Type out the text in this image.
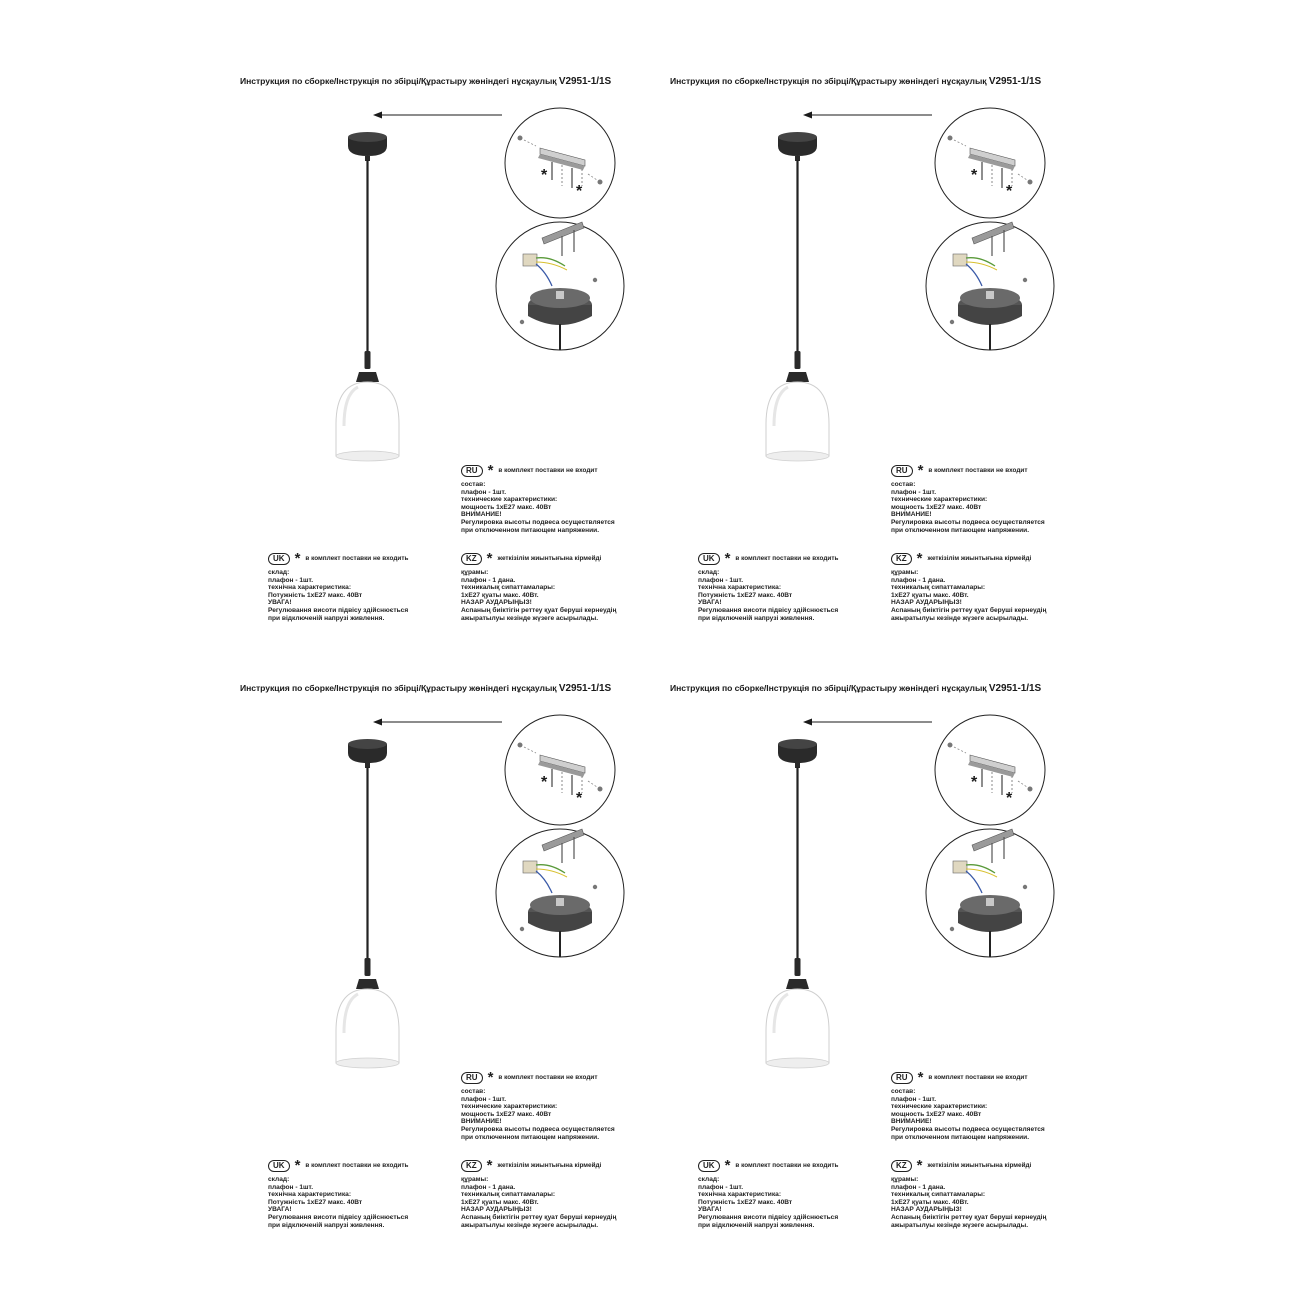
Инструкция по сборке/Інструкція по збірці/Құрастыру жөніндегі нұсқаулық V2951-1/1S
*
*
RU * в комплект поставки не входит
состав:
плафон - 1шт.
технические характеристики:
мощность 1хЕ27 макс. 40Вт
ВНИМАНИЕ!
Регулировка высоты подвеса осуществляется
при отключенном питающем напряжении.
UK * в комплект поставки не входить
склад:
плафон - 1шт.
технічна характеристика:
Потужність 1хЕ27 макс. 40Вт
УВАГА!
Регулювання висоти підвісу здійснюється
при відключеній напрузі живлення.
KZ * жеткізілім жиынтығына кірмейді
құрамы:
плафон - 1 дана.
техникалық сипаттамалары:
1хЕ27 қуаты макс. 40Вт.
НАЗАР АУДАРЫҢЫЗ!
Аспаның биіктігін реттеу қуат беруші кернеудің
ажыратылуы кезінде жүзеге асырылады.
Инструкция по сборке/Інструкція по збірці/Құрастыру жөніндегі нұсқаулық V2951-1/1S
*
*
RU * в комплект поставки не входит
состав:
плафон - 1шт.
технические характеристики:
мощность 1хЕ27 макс. 40Вт
ВНИМАНИЕ!
Регулировка высоты подвеса осуществляется
при отключенном питающем напряжении.
UK * в комплект поставки не входить
склад:
плафон - 1шт.
технічна характеристика:
Потужність 1хЕ27 макс. 40Вт
УВАГА!
Регулювання висоти підвісу здійснюється
при відключеній напрузі живлення.
KZ * жеткізілім жиынтығына кірмейді
құрамы:
плафон - 1 дана.
техникалық сипаттамалары:
1хЕ27 қуаты макс. 40Вт.
НАЗАР АУДАРЫҢЫЗ!
Аспаның биіктігін реттеу қуат беруші кернеудің
ажыратылуы кезінде жүзеге асырылады.
Инструкция по сборке/Інструкція по збірці/Құрастыру жөніндегі нұсқаулық V2951-1/1S
*
*
RU * в комплект поставки не входит
состав:
плафон - 1шт.
технические характеристики:
мощность 1хЕ27 макс. 40Вт
ВНИМАНИЕ!
Регулировка высоты подвеса осуществляется
при отключенном питающем напряжении.
UK * в комплект поставки не входить
склад:
плафон - 1шт.
технічна характеристика:
Потужність 1хЕ27 макс. 40Вт
УВАГА!
Регулювання висоти підвісу здійснюється
при відключеній напрузі живлення.
KZ * жеткізілім жиынтығына кірмейді
құрамы:
плафон - 1 дана.
техникалық сипаттамалары:
1хЕ27 қуаты макс. 40Вт.
НАЗАР АУДАРЫҢЫЗ!
Аспаның биіктігін реттеу қуат беруші кернеудің
ажыратылуы кезінде жүзеге асырылады.
Инструкция по сборке/Інструкція по збірці/Құрастыру жөніндегі нұсқаулық V2951-1/1S
*
*
RU * в комплект поставки не входит
состав:
плафон - 1шт.
технические характеристики:
мощность 1хЕ27 макс. 40Вт
ВНИМАНИЕ!
Регулировка высоты подвеса осуществляется
при отключенном питающем напряжении.
UK * в комплект поставки не входить
склад:
плафон - 1шт.
технічна характеристика:
Потужність 1хЕ27 макс. 40Вт
УВАГА!
Регулювання висоти підвісу здійснюється
при відключеній напрузі живлення.
KZ * жеткізілім жиынтығына кірмейді
құрамы:
плафон - 1 дана.
техникалық сипаттамалары:
1хЕ27 қуаты макс. 40Вт.
НАЗАР АУДАРЫҢЫЗ!
Аспаның биіктігін реттеу қуат беруші кернеудің
ажыратылуы кезінде жүзеге асырылады.
